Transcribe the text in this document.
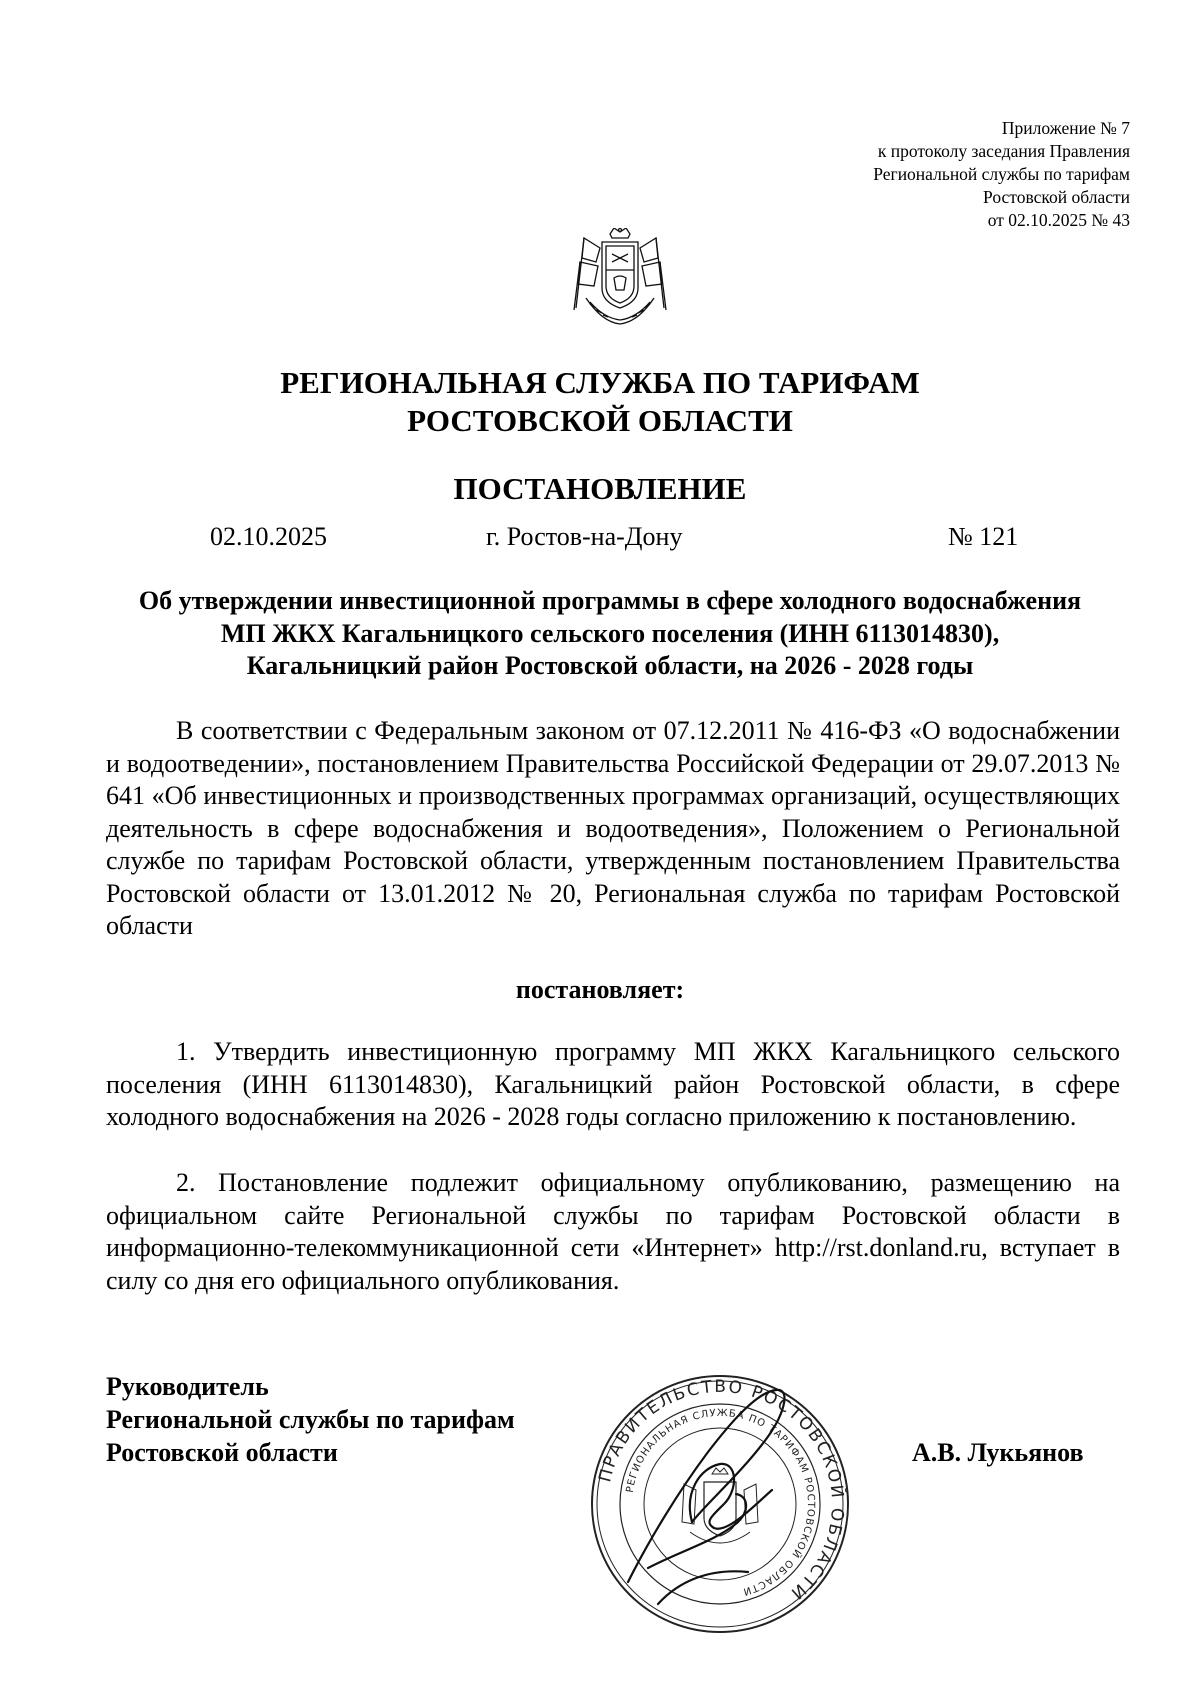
Приложение № 7
к протоколу заседания Правления
Региональной службы по тарифам
Ростовской области
от 02.10.2025 № 43
РЕГИОНАЛЬНАЯ СЛУЖБА ПО ТАРИФАМ
РОСТОВСКОЙ ОБЛАСТИ
ПОСТАНОВЛЕНИЕ
02.10.2025	г. Ростов-на-Дону	№ 121
Об утверждении инвестиционной программы в сфере холодного водоснабжения
МП ЖКХ Кагальницкого сельского поселения (ИНН 6113014830),
Кагальницкий район Ростовской области, на 2026 - 2028 годы
В соответствии с Федеральным законом от 07.12.2011 № 416-ФЗ «О водоснабжении и водоотведении», постановлением Правительства Российской Федерации от 29.07.2013 № 641 «Об инвестиционных и производственных программах организаций, осуществляющих деятельность в сфере водоснабжения и водоотведения», Положением о Региональной службе по тарифам Ростовской области, утвержденным постановлением Правительства Ростовской области от 13.01.2012 № 20, Региональная служба по тарифам Ростовской области
постановляет:
1. Утвердить инвестиционную программу МП ЖКХ Кагальницкого сельского поселения (ИНН 6113014830), Кагальницкий район Ростовской области, в сфере холодного водоснабжения на 2026 - 2028 годы согласно приложению к постановлению.
2. Постановление подлежит официальному опубликованию, размещению на официальном сайте Региональной службы по тарифам Ростовской области в информационно-телекоммуникационной сети «Интернет» http://rst.donland.ru, вступает в силу со дня его официального опубликования.
Руководитель
Региональной службы по тарифам
Ростовской области
ПРАВИТЕЛЬСТВО РОСТОВСКОЙ ОБЛАСТИ
РЕГИОНАЛЬНАЯ СЛУЖБА ПО ТАРИФАМ РОСТОВСКОЙ ОБЛАСТИ
А.В. Лукьянов
